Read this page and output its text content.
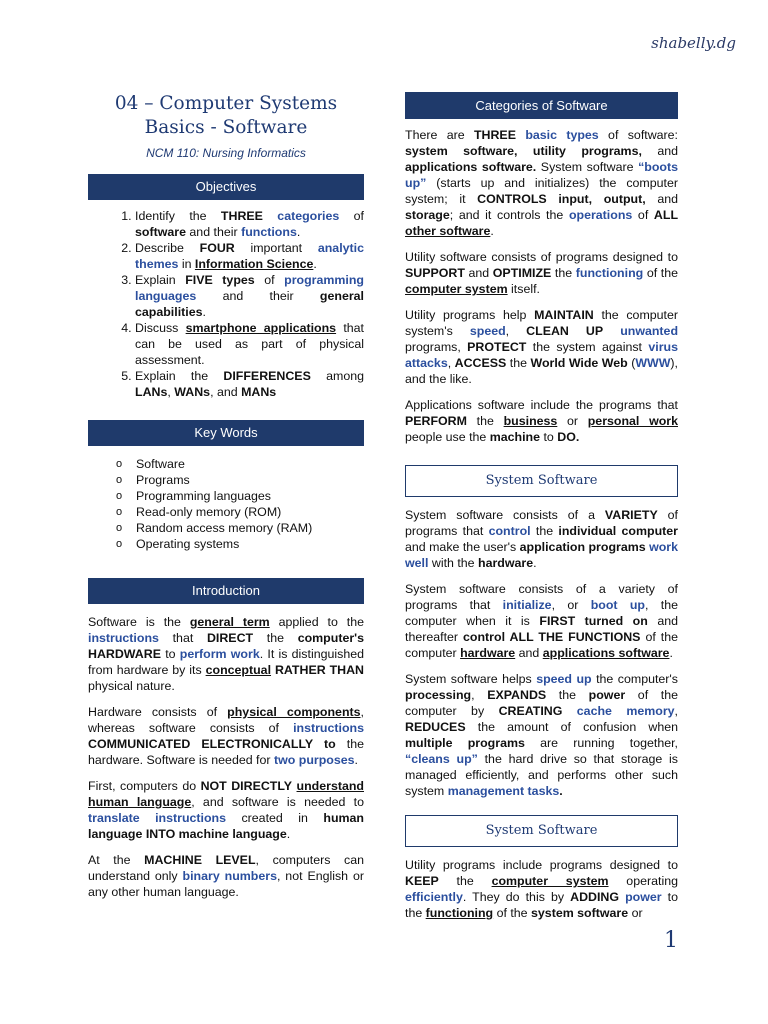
shabelly.dg
04 – Computer Systems
Basics - Software
NCM 110: Nursing Informatics
Objectives
1. Identify the THREE categories of software and their functions.
2. Describe FOUR important analytic themes in Information Science.
3. Explain FIVE types of programming languages and their general capabilities.
4. Discuss smartphone applications that can be used as part of physical assessment.
5. Explain the DIFFERENCES among LANs, WANs, and MANs
Key Words
o Software
o Programs
o Programming languages
o Read-only memory (ROM)
o Random access memory (RAM)
o Operating systems
Introduction

Software is the general term applied to the instructions that DIRECT the computer's HARDWARE to perform work. It is distinguished from hardware by its conceptual RATHER THAN physical nature.

Hardware consists of physical components, whereas software consists of instructions COMMUNICATED ELECTRONICALLY to the hardware. Software is needed for two purposes.

First, computers do NOT DIRECTLY understand human language, and software is needed to translate instructions created in human language INTO machine language.

At the MACHINE LEVEL, computers can understand only binary numbers, not English or any other human language.

Categories of Software

There are THREE basic types of software: system software, utility programs, and applications software. System software “boots up” (starts up and initializes) the computer system; it CONTROLS input, output, and storage; and it controls the operations of ALL other software.

Utility software consists of programs designed to SUPPORT and OPTIMIZE the functioning of the computer system itself.

Utility programs help MAINTAIN the computer system's speed, CLEAN UP unwanted programs, PROTECT the system against virus attacks, ACCESS the World Wide Web (WWW), and the like.

Applications software include the programs that PERFORM the business or personal work people use the machine to DO.

System Software

System software consists of a VARIETY of programs that control the individual computer and make the user's application programs work well with the hardware.

System software consists of a variety of programs that initialize, or boot up, the computer when it is FIRST turned on and thereafter control ALL THE FUNCTIONS of the computer hardware and applications software.

System software helps speed up the computer's processing, EXPANDS the power of the computer by CREATING cache memory, REDUCES the amount of confusion when multiple programs are running together, “cleans up” the hard drive so that storage is managed efficiently, and performs other such system management tasks.

System Software

Utility programs include programs designed to KEEP the computer system operating efficiently. They do this by ADDING power to the functioning of the system software or

1
